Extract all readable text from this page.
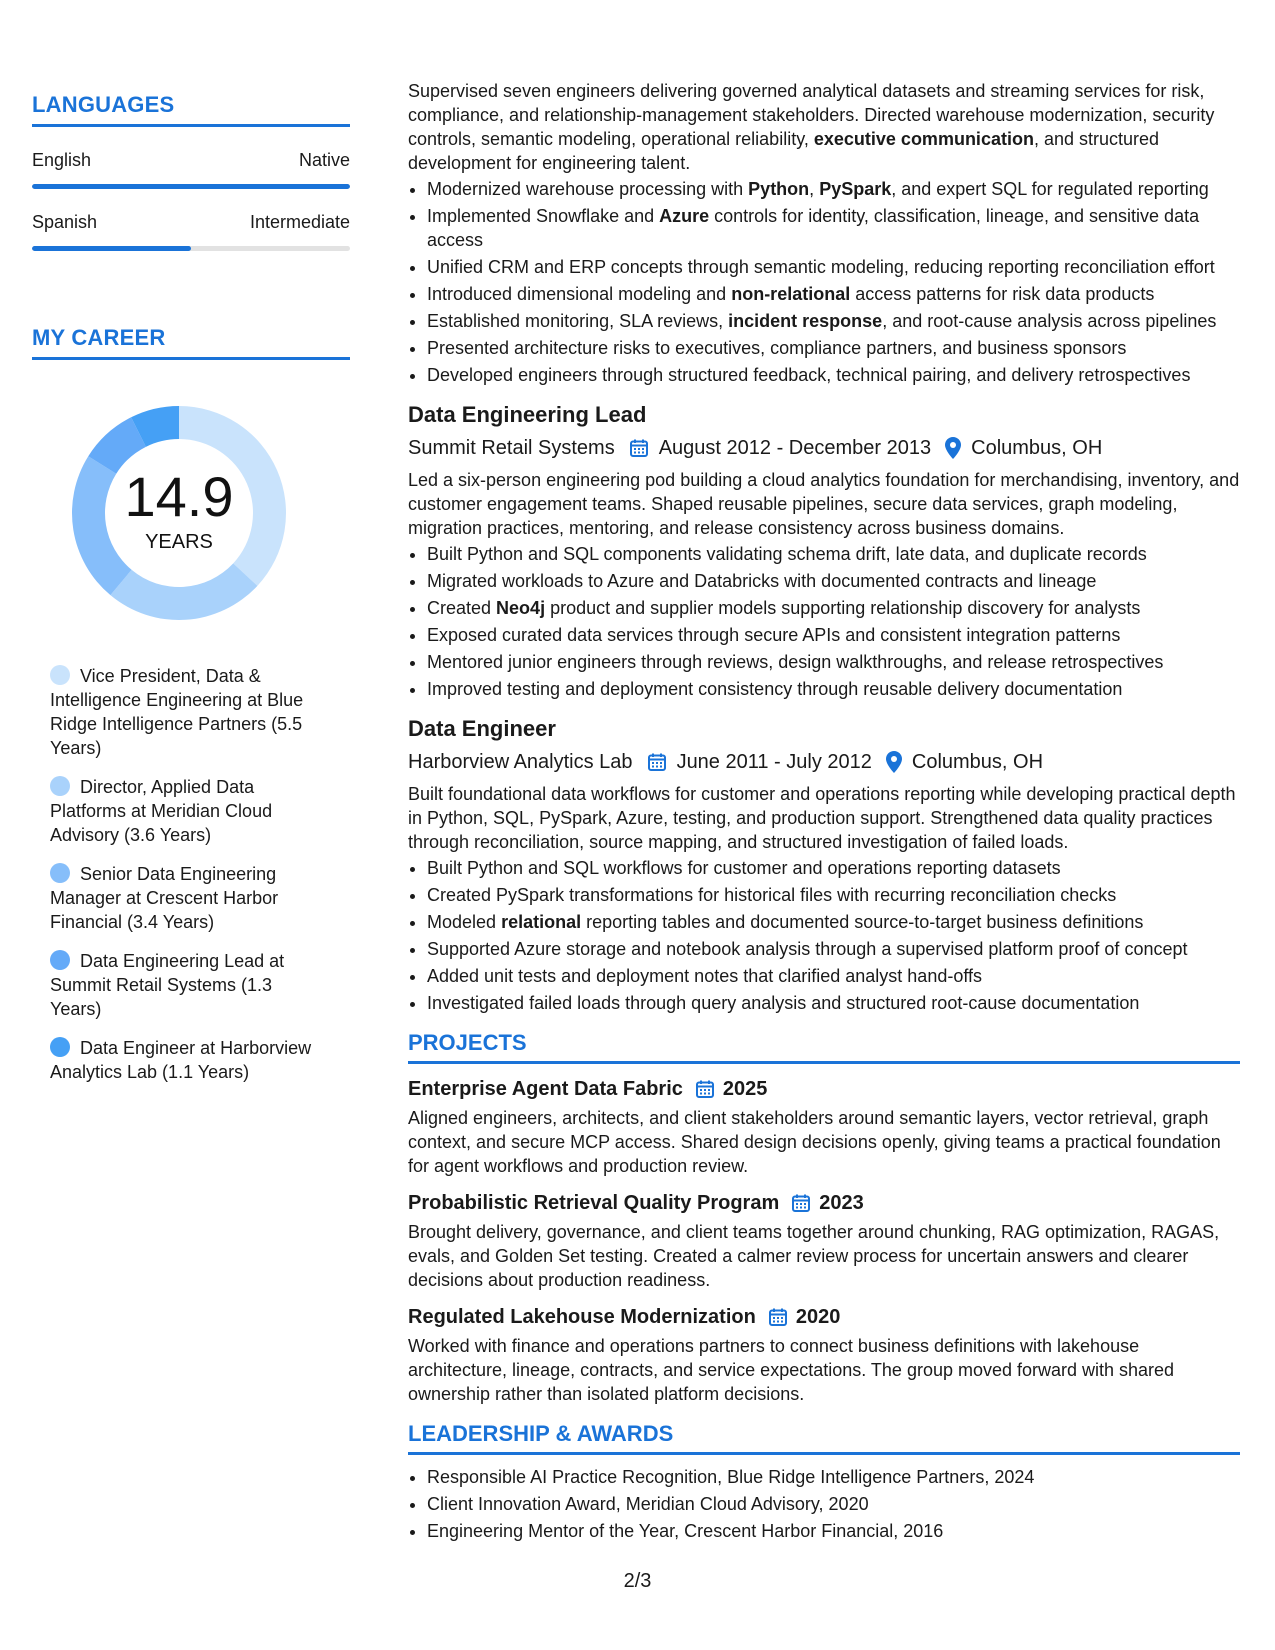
LANGUAGES
English	Native
Spanish	Intermediate
MY CAREER
14.9
YEARS
Vice President, Data & Intelligence Engineering at Blue Ridge Intelligence Partners (5.5 Years)
Director, Applied Data Platforms at Meridian Cloud Advisory (3.6 Years)
Senior Data Engineering Manager at Crescent Harbor Financial (3.4 Years)
Data Engineering Lead at Summit Retail Systems (1.3 Years)
Data Engineer at Harborview Analytics Lab (1.1 Years)

Supervised seven engineers delivering governed analytical datasets and streaming services for risk, compliance, and relationship-management stakeholders. Directed warehouse modernization, security controls, semantic modeling, operational reliability, executive communication, and structured development for engineering talent.

• Modernized warehouse processing with Python, PySpark, and expert SQL for regulated reporting
• Implemented Snowflake and Azure controls for identity, classification, lineage, and sensitive data access
• Unified CRM and ERP concepts through semantic modeling, reducing reporting reconciliation effort
• Introduced dimensional modeling and non-relational access patterns for risk data products
• Established monitoring, SLA reviews, incident response, and root-cause analysis across pipelines
• Presented architecture risks to executives, compliance partners, and business sponsors
• Developed engineers through structured feedback, technical pairing, and delivery retrospectives
Data Engineering Lead
Summit Retail Systems August 2012 - December 2013 Columbus, OH

Led a six-person engineering pod building a cloud analytics foundation for merchandising, inventory, and customer engagement teams. Shaped reusable pipelines, secure data services, graph modeling, migration practices, mentoring, and release consistency across business domains.

• Built Python and SQL components validating schema drift, late data, and duplicate records
• Migrated workloads to Azure and Databricks with documented contracts and lineage
• Created Neo4j product and supplier models supporting relationship discovery for analysts
• Exposed curated data services through secure APIs and consistent integration patterns
• Mentored junior engineers through reviews, design walkthroughs, and release retrospectives
• Improved testing and deployment consistency through reusable delivery documentation
Data Engineer
Harborview Analytics Lab June 2011 - July 2012 Columbus, OH

Built foundational data workflows for customer and operations reporting while developing practical depth in Python, SQL, PySpark, Azure, testing, and production support. Strengthened data quality practices through reconciliation, source mapping, and structured investigation of failed loads.

• Built Python and SQL workflows for customer and operations reporting datasets
• Created PySpark transformations for historical files with recurring reconciliation checks
• Modeled relational reporting tables and documented source-to-target business definitions
• Supported Azure storage and notebook analysis through a supervised platform proof of concept
• Added unit tests and deployment notes that clarified analyst hand-offs
• Investigated failed loads through query analysis and structured root-cause documentation
PROJECTS
Enterprise Agent Data Fabric 2025

Aligned engineers, architects, and client stakeholders around semantic layers, vector retrieval, graph context, and secure MCP access. Shared design decisions openly, giving teams a practical foundation for agent workflows and production review.

Probabilistic Retrieval Quality Program 2023

Brought delivery, governance, and client teams together around chunking, RAG optimization, RAGAS, evals, and Golden Set testing. Created a calmer review process for uncertain answers and clearer decisions about production readiness.

Regulated Lakehouse Modernization 2020

Worked with finance and operations partners to connect business definitions with lakehouse architecture, lineage, contracts, and service expectations. The group moved forward with shared ownership rather than isolated platform decisions.

LEADERSHIP & AWARDS
• Responsible AI Practice Recognition, Blue Ridge Intelligence Partners, 2024
• Client Innovation Award, Meridian Cloud Advisory, 2020
• Engineering Mentor of the Year, Crescent Harbor Financial, 2016
2/3
